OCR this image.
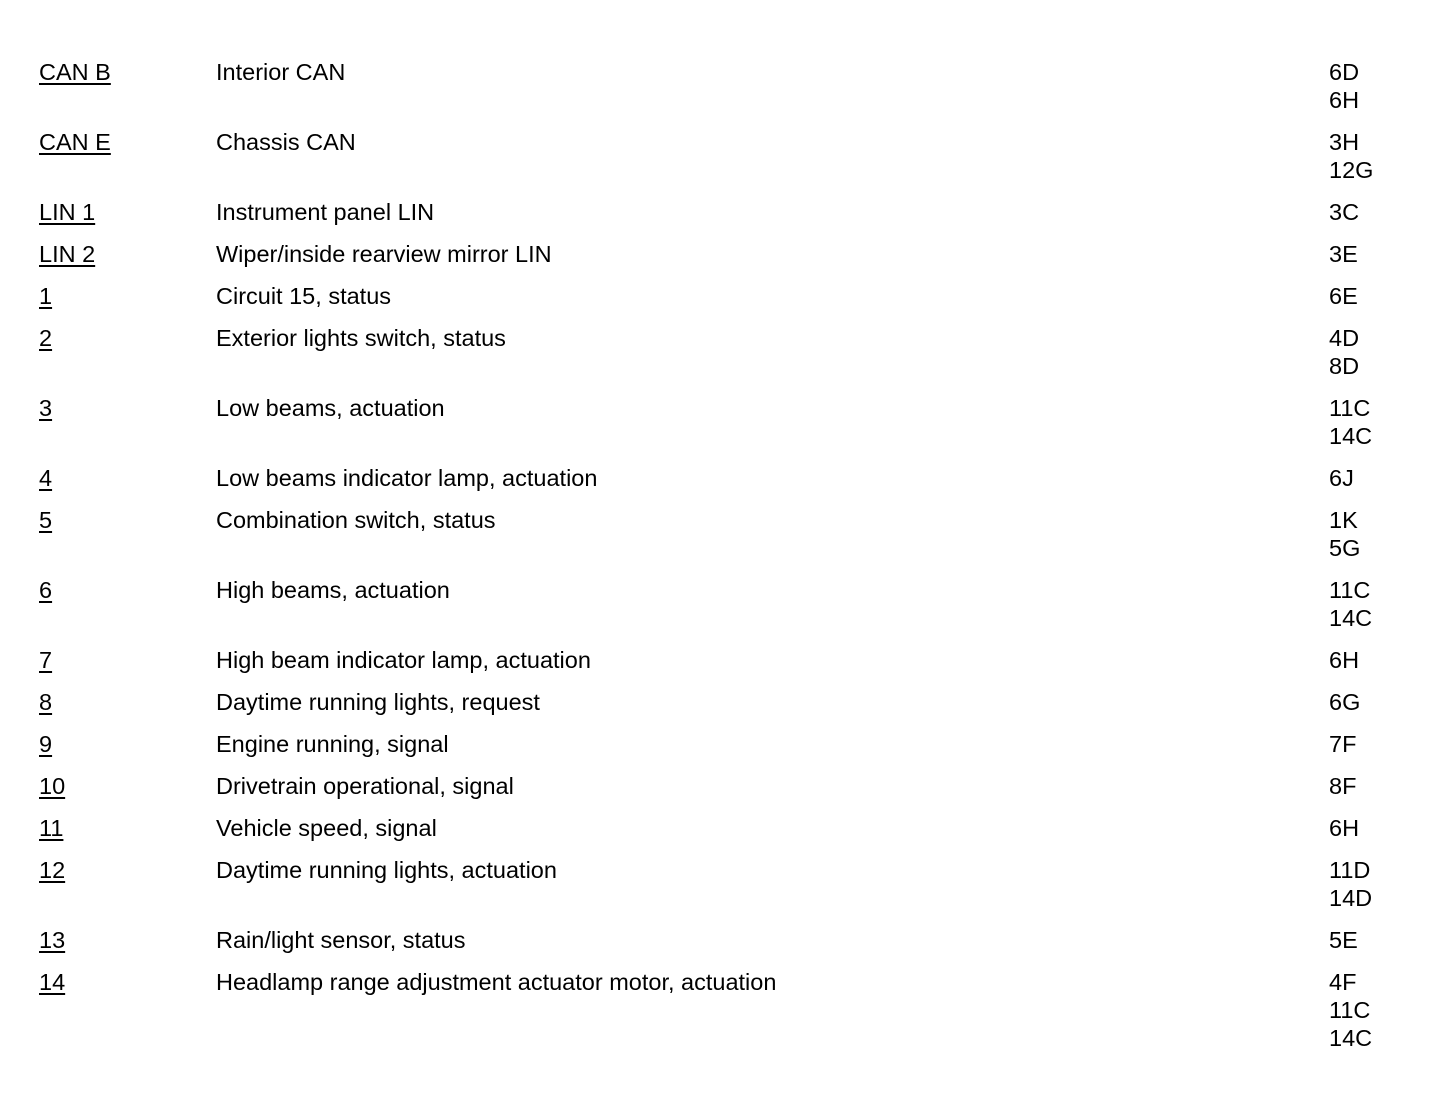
CAN B	Interior CAN	6D
6H
CAN E	Chassis CAN	3H
12G
LIN 1	Instrument panel LIN	3C
LIN 2	Wiper/inside rearview mirror LIN	3E
1	Circuit 15, status	6E
2	Exterior lights switch, status	4D
8D
3	Low beams, actuation	11C
14C
4	Low beams indicator lamp, actuation	6J
5	Combination switch, status	1K
5G
6	High beams, actuation	11C
14C
7	High beam indicator lamp, actuation	6H
8	Daytime running lights, request	6G
9	Engine running, signal	7F
10	Drivetrain operational, signal	8F
11	Vehicle speed, signal	6H
12	Daytime running lights, actuation	11D
14D
13	Rain/light sensor, status	5E
14	Headlamp range adjustment actuator motor, actuation	4F
11C
14C
